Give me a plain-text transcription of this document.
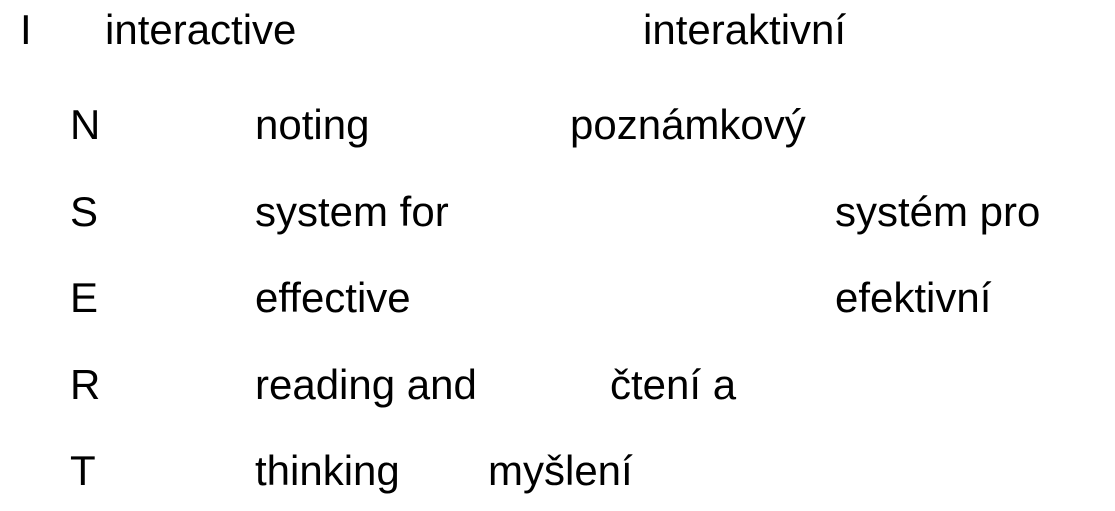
I interactive	interaktivní
N	noting	poznámkový
S	system for	systém pro
E	effective	efektivní
R	reading and	čtení a
T	thinking myšlení
